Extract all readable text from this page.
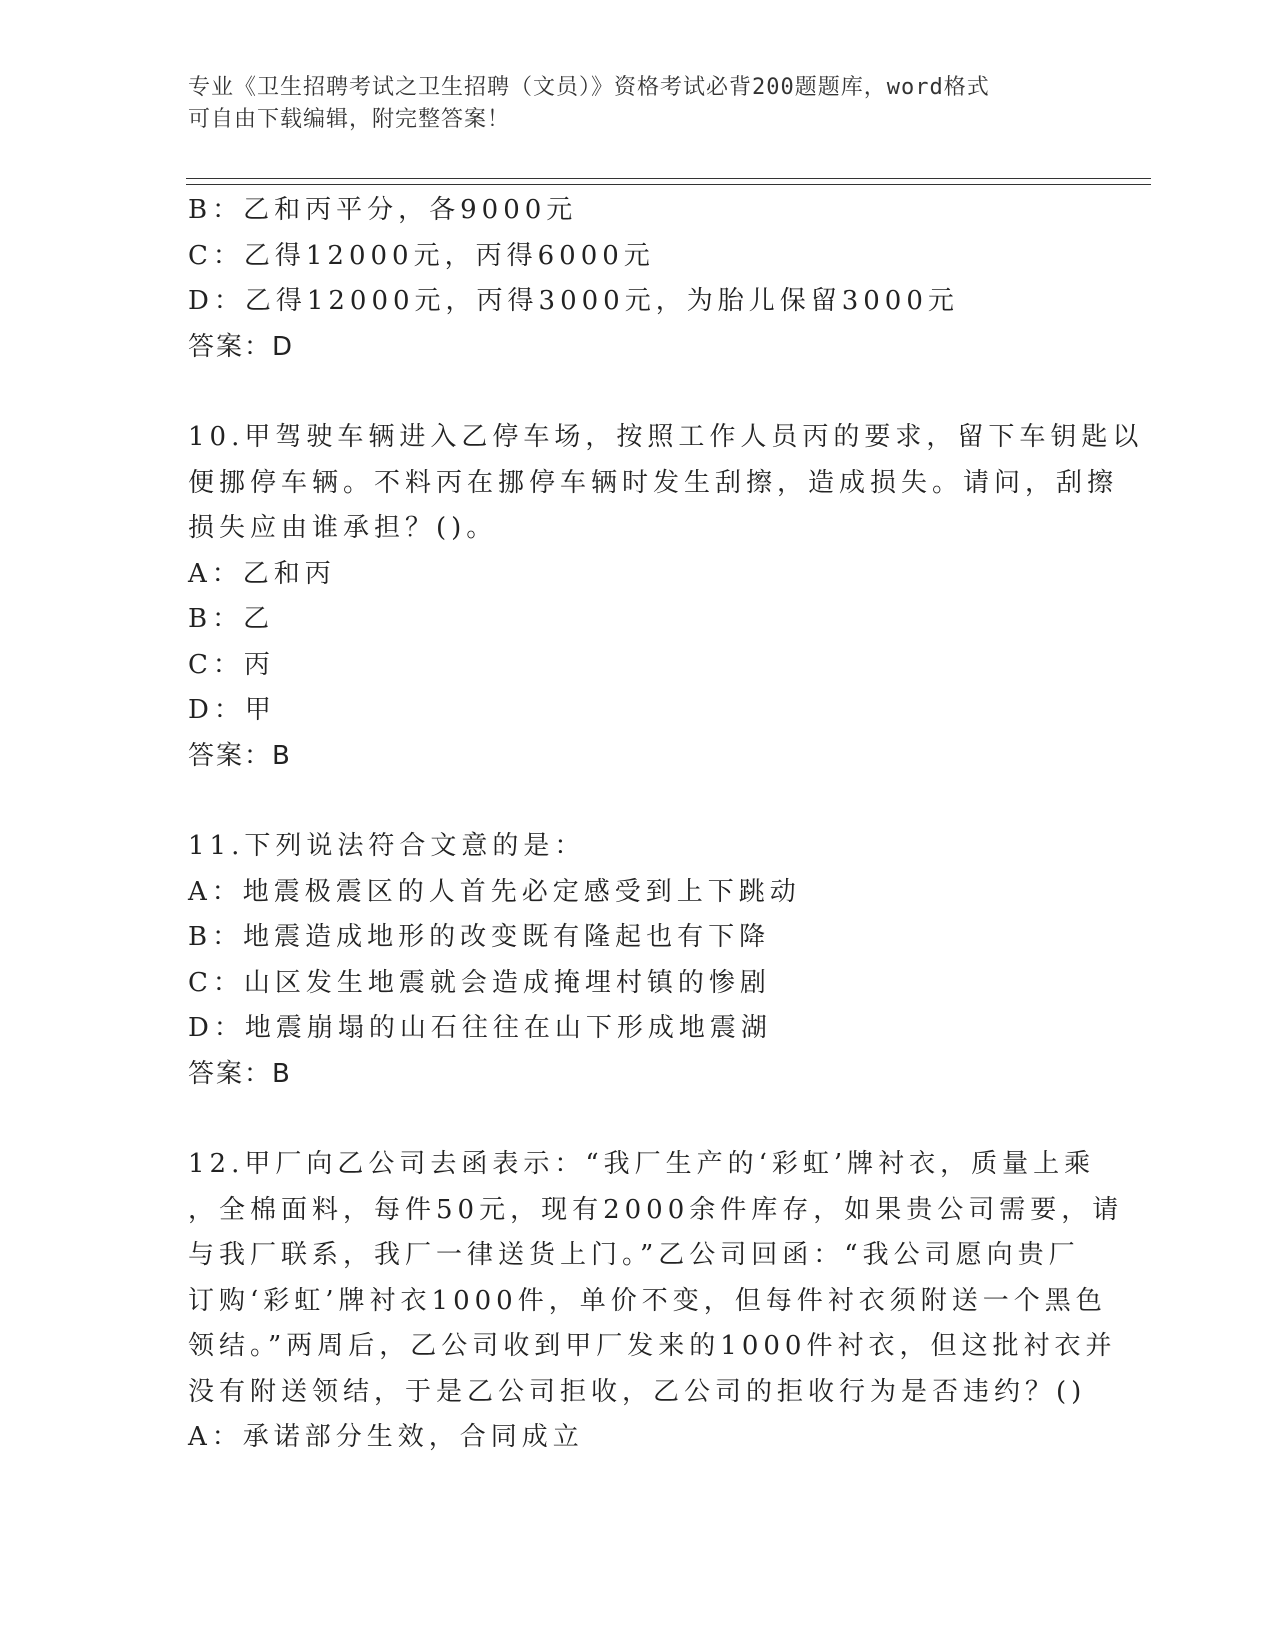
专业《卫生招聘考试之卫生招聘（文员）》资格考试必背200题题库，word格式
可自由下载编辑，附完整答案！
B：乙和丙平分，各9000元
C：乙得12000元，丙得6000元
D：乙得12000元，丙得3000元，为胎儿保留3000元
答案：D
10.甲驾驶车辆进入乙停车场，按照工作人员丙的要求，留下车钥匙以
便挪停车辆。不料丙在挪停车辆时发生刮擦，造成损失。请问，刮擦
损失应由谁承担？()。
A：乙和丙
B：乙
C：丙
D：甲
答案：B
11.下列说法符合文意的是：
A：地震极震区的人首先必定感受到上下跳动
B：地震造成地形的改变既有隆起也有下降
C：山区发生地震就会造成掩埋村镇的惨剧
D：地震崩塌的山石往往在山下形成地震湖
答案：B
12.甲厂向乙公司去函表示：“我厂生产的‘彩虹’牌衬衣，质量上乘
，全棉面料，每件50元，现有2000余件库存，如果贵公司需要，请
与我厂联系，我厂一律送货上门。”乙公司回函：“我公司愿向贵厂
订购‘彩虹’牌衬衣1000件，单价不变，但每件衬衣须附送一个黑色
领结。”两周后，乙公司收到甲厂发来的1000件衬衣，但这批衬衣并
没有附送领结，于是乙公司拒收，乙公司的拒收行为是否违约？()
A：承诺部分生效，合同成立
